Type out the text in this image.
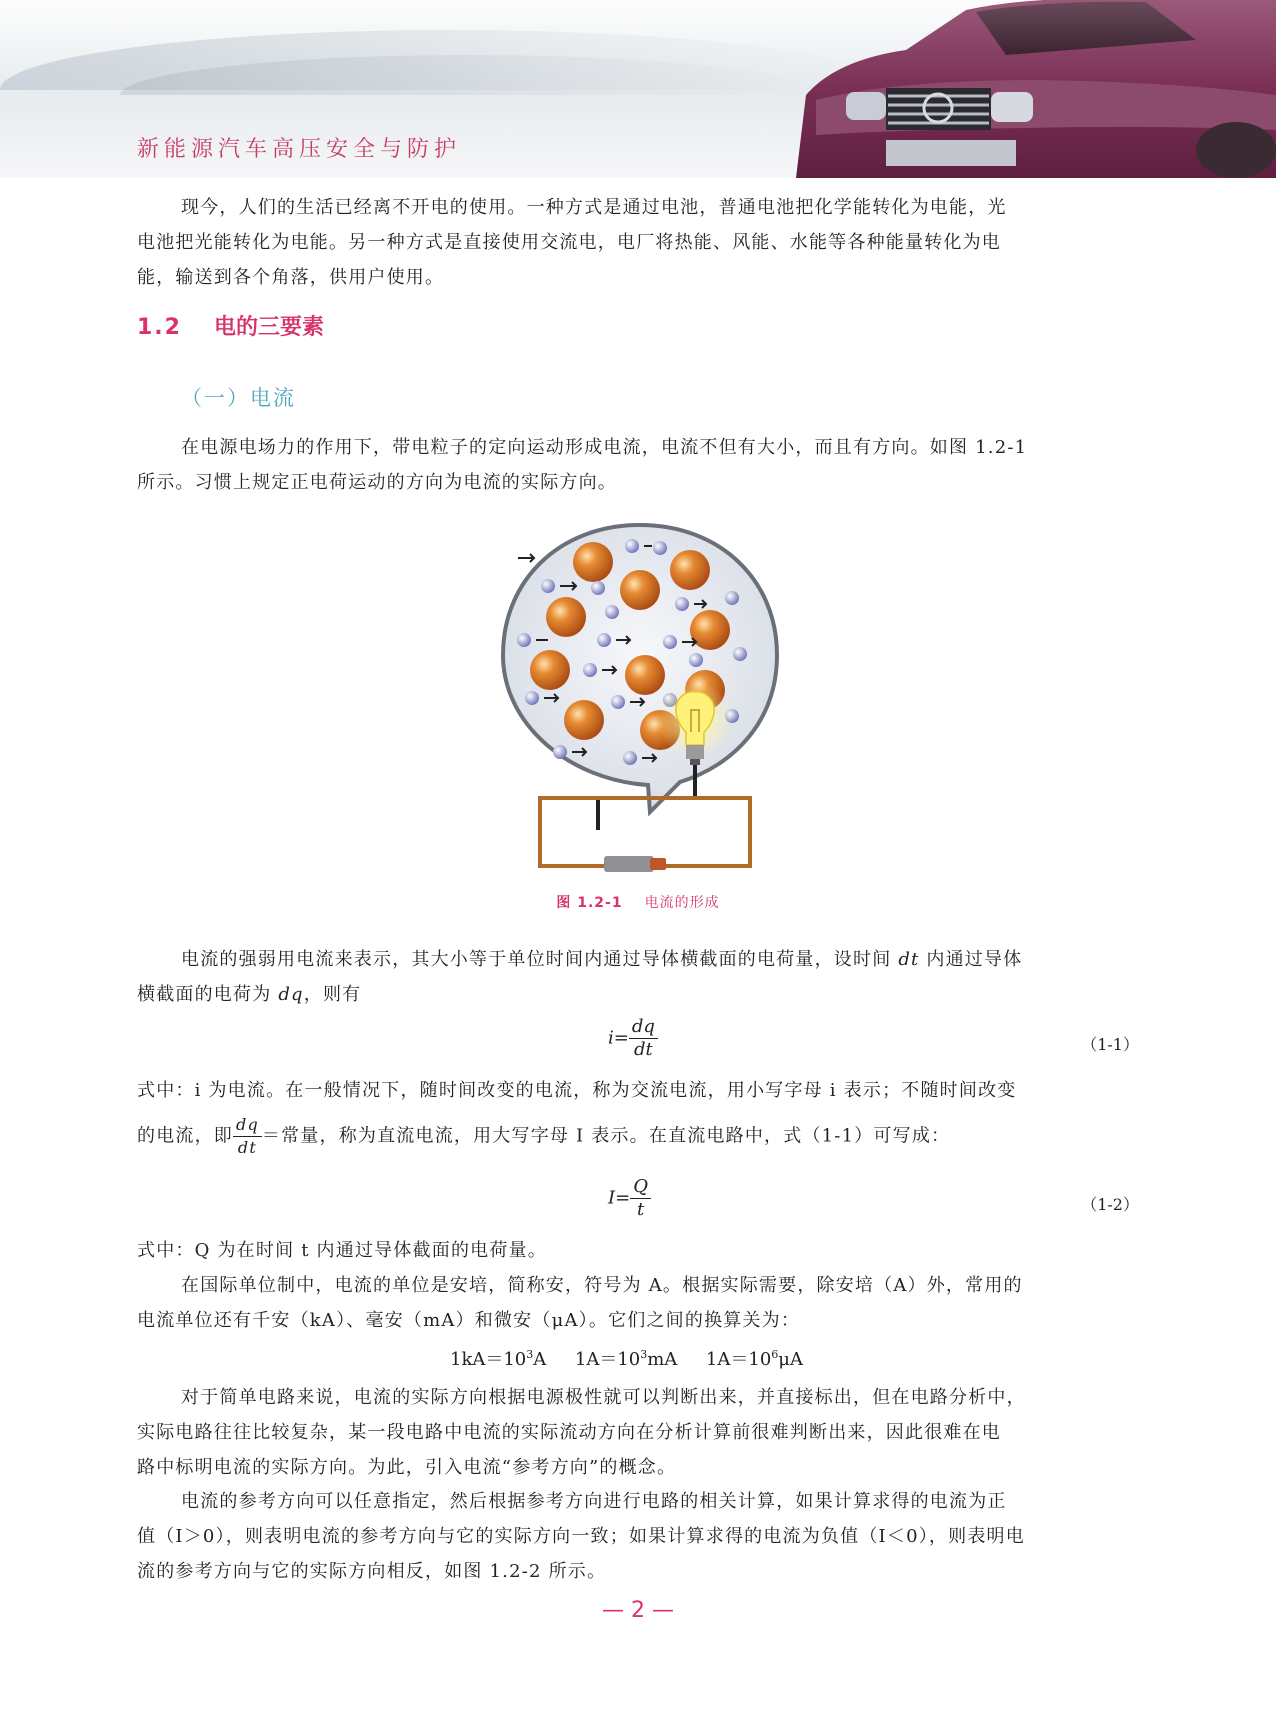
新能源汽车高压安全与防护
现今，人们的生活已经离不开电的使用。一种方式是通过电池，普通电池把化学能转化为电能，光
电池把光能转化为电能。另一种方式是直接使用交流电，电厂将热能、风能、水能等各种能量转化为电
能，输送到各个角落，供用户使用。
1.2 电的三要素
（一）电流
在电源电场力的作用下，带电粒子的定向运动形成电流，电流不但有大小，而且有方向。如图 1.2-1
所示。习惯上规定正电荷运动的方向为电流的实际方向。
图 1.2-1 电流的形成
电流的强弱用电流来表示，其大小等于单位时间内通过导体横截面的电荷量，设时间 dt 内通过导体
横截面的电荷为 dq，则有
$i= \frac{dq}{dt}$	（1-1）
式中：i 为电流。在一般情况下，随时间改变的电流，称为交流电流，用小写字母 i 表示；不随时间改变
的电流，即 $\frac{dq}{dt}$ ＝常量，称为直流电流，用大写字母 I 表示。在直流电路中，式（1-1）可写成：
$I= \frac{Q}{t}$	（1-2）
式中：Q 为在时间 t 内通过导体截面的电荷量。
在国际单位制中，电流的单位是安培，简称安，符号为 A。根据实际需要，除安培（A）外，常用的
电流单位还有千安（kA）、毫安（mA）和微安（μA）。它们之间的换算关为：
$1kA=10^3A$ $1A=10^3mA$ $1A=10^6\mu A$
对于简单电路来说，电流的实际方向根据电源极性就可以判断出来，并直接标出，但在电路分析中，
实际电路往往比较复杂，某一段电路中电流的实际流动方向在分析计算前很难判断出来，因此很难在电
路中标明电流的实际方向。为此，引入电流“参考方向”的概念。
电流的参考方向可以任意指定，然后根据参考方向进行电路的相关计算，如果计算求得的电流为正
值（I＞0），则表明电流的参考方向与它的实际方向一致；如果计算求得的电流为负值（I＜0），则表明电
流的参考方向与它的实际方向相反，如图 1.2-2 所示。
— 2 —
